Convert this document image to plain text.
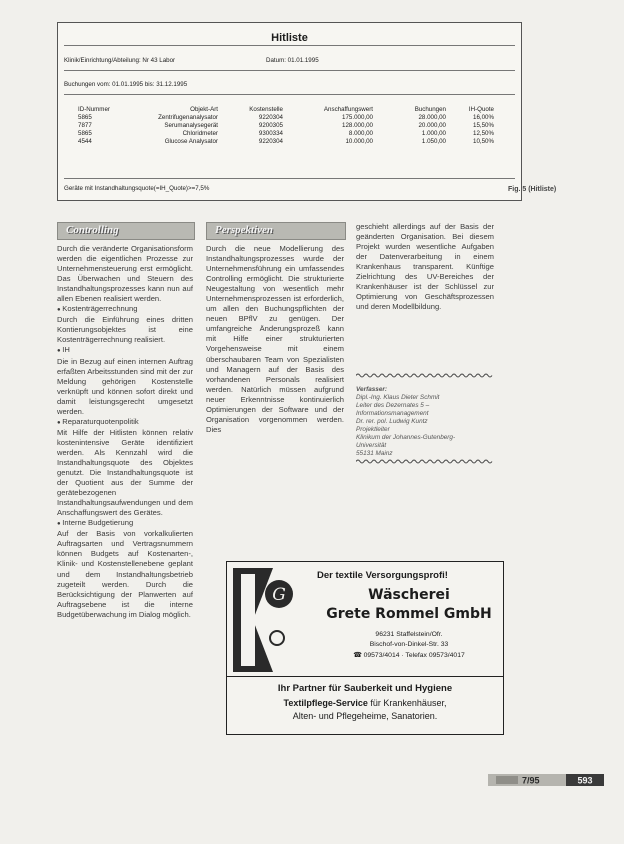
Hitliste
Klinik/Einrichtung/Abteilung: Nr 43 Labor	Datum: 01.01.1995
Buchungen vom: 01.01.1995 bis: 31.12.1995
ID-Nummer	Objekt-Art	Kostenstelle	Anschaffungswert	Buchungen	IH-Quote
5865	Zentrifugenanalysator	9220304	175.000,00	28.000,00	16,00%
7877	Serumanalysegerät	9200305	128.000,00	20.000,00	15,50%
5865	Chloridmeter	9300334	8.000,00	1.000,00	12,50%
4544	Glucose Analysator	9220304	10.000,00	1.050,00	10,50%
Geräte mit Instandhaltungsquote(=IH_Quote)>=7,5%	Fig. 5 (Hitliste)
Controlling

Durch die veränderte Organisationsform werden die eigentlichen Prozesse zur Unternehmensteuerung erst ermöglicht. Das Überwachen und Steuern des Instandhaltungsprozesses kann nun auf allen Ebenen realisiert werden.

● Kostenträgerrechnung

Durch die Einführung eines dritten Kontierungsobjektes ist eine Kostenträgerrechnung realisiert.

● IH

Die in Bezug auf einen internen Auftrag erfaßten Arbeitsstunden sind mit der zur Meldung gehörigen Kostenstelle verknüpft und können sofort direkt und damit leistungsgerecht umgesetzt werden.

● Reparaturquotenpolitik

Mit Hilfe der Hitlisten können relativ kostenintensive Geräte identifiziert werden. Als Kennzahl wird die Instandhaltungsquote des Objektes genutzt. Die Instandhaltungsquote ist der Quotient aus der Summe der gerätebezogenen Instandhaltungsaufwendungen und dem Anschaffungswert des Gerätes.

● Interne Budgetierung

Auf der Basis von vorkalkulierten Auftragsarten und Vertragsnummern können Budgets auf Kostenarten-, Klinik- und Kostenstellenebene geplant und dem Instandhaltungsbetrieb zugeteilt werden. Durch die Berücksichtigung der Planwerten auf Auftragsebene ist die interne Budgetüberwachung im Dialog möglich.

Perspektiven

Durch die neue Modellierung des Instandhaltungsprozesses wurde der Unternehmensführung ein umfassendes Controlling ermöglicht. Die strukturierte Neugestaltung von wesentlich mehr Unternehmensprozessen ist erforderlich, um allen den Buchungspflichten der neuen BPflV zu genügen. Der umfangreiche Änderungsprozeß kann mit Hilfe einer strukturierten Vorgehensweise mit einem überschaubaren Team von Spezialisten und Managern auf der Basis des vorhandenen Personals realisiert werden. Natürlich müssen aufgrund neuer Erkenntnisse kontinuierlich Optimierungen der Software und der Organisation vorgenommen werden. Dies

geschieht allerdings auf der Basis der geänderten Organisation. Bei diesem Projekt wurden wesentliche Aufgaben der Datenverarbeitung in einem Krankenhaus transparent. Künftige Zielrichtung des UV-Bereiches der Krankenhäuser ist der Schlüssel zur Optimierung von Geschäftsprozessen und deren Modellbildung.

Verfasser:
Dipl.-Ing. Klaus Dieter Schmit
Leiter des Dezernates 5 –
Informationsmanagement
Dr. rer. pol. Ludwig Kuntz
Projektleiter
Klinikum der Johannes-Gutenberg-
Universität
55131 Mainz
G
Der textile Versorgungsprofi!
Wäscherei
Grete Rommel GmbH
96231 Staffelstein/Ofr.
Bischof-von-Dinkel-Str. 33
☎ 09573/4014 · Telefax 09573/4017
Ihr Partner für Sauberkeit und Hygiene
Textilpflege-Service für Krankenhäuser,
Alten- und Pflegeheime, Sanatorien.
7/95	593
